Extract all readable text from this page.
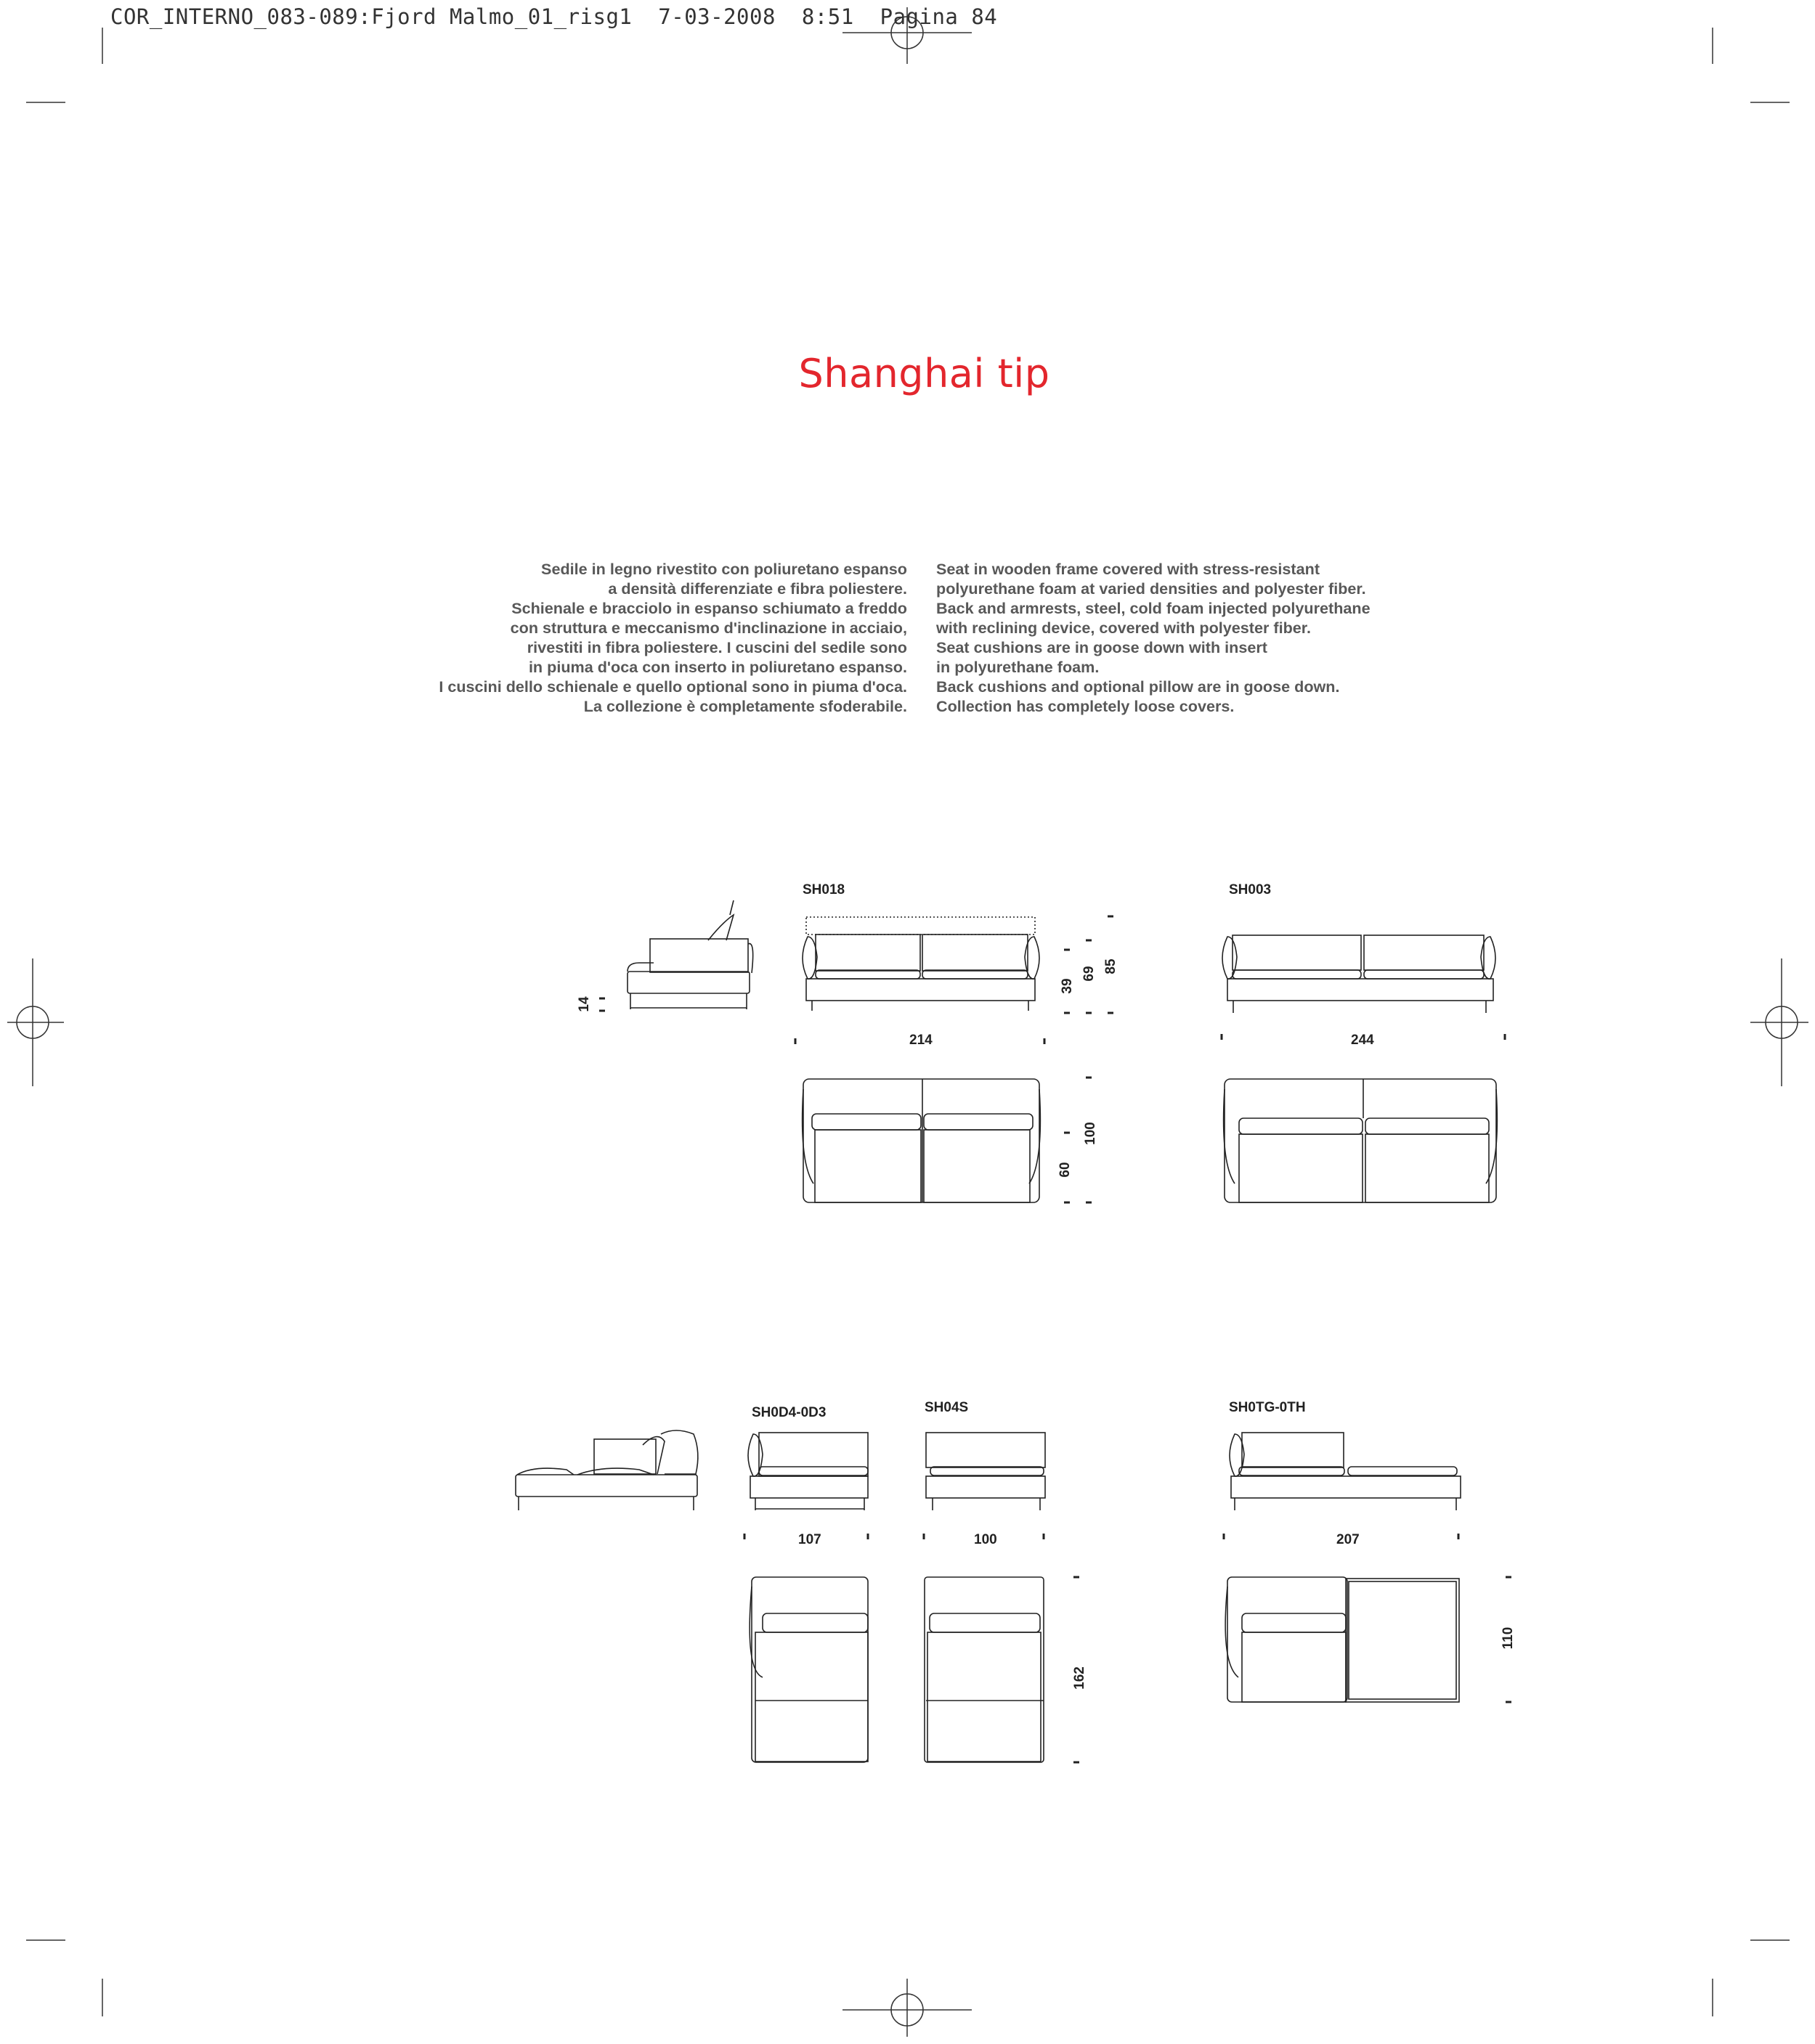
COR_INTERNO_083-089:Fjord Malmo_01_risg1  7-03-2008  8:51  Pagina 84
Shanghai tip
Sedile in legno rivestito con poliuretano espanso
a densità differenziate e fibra poliestere.
Schienale e bracciolo in espanso schiumato a freddo
con struttura e meccanismo d'inclinazione in acciaio,
rivestiti in fibra poliestere. I cuscini del sedile sono
in piuma d'oca con inserto in poliuretano espanso.
I cuscini dello schienale e quello optional sono in piuma d'oca.
La collezione è completamente sfoderabile.
Seat in wooden frame covered with stress-resistant
polyurethane foam at varied densities and polyester fiber.
Back and armrests, steel, cold foam injected polyurethane
with reclining device, covered with polyester fiber.
Seat cushions are in goose down with insert
in polyurethane foam.
Back cushions and optional pillow are in goose down.
Collection has completely loose covers.
SH018	SH003
SH0D4-0D3	SH04S	SH0TG-0TH
214	244
107	100	207
14
39
69 85
60
100
162
110
